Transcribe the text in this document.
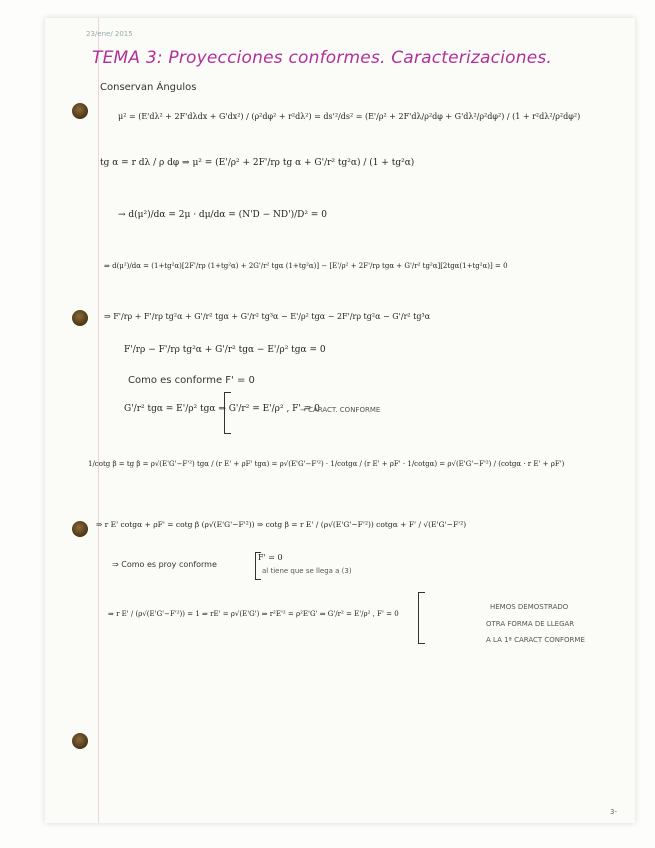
23/ene/ 2015
TEMA 3: Proyecciones conformes. Caracterizaciones.
Conservan Ángulos
μ² = (E'dλ² + 2F'dλdx + G'dx²) / (ρ²dφ² + r²dλ²) = ds'²/ds² = (E'/ρ² + 2F'dλ/ρ²dφ + G'dλ²/ρ²dφ²) / (1 + r²dλ²/ρ²dφ²)
tg α = r dλ / ρ dφ ⇒ μ² = (E'/ρ² + 2F'/rρ tg α + G'/r² tg²α) / (1 + tg²α)
→ d(μ²)/dα = 2μ · dμ/dα = (N'D − ND')/D² = 0
⇒ d(μ²)/dα = (1+tg²α)[2F'/rρ (1+tg²α) + 2G'/r² tgα (1+tg²α)] − [E'/ρ² + 2F'/rρ tgα + G'/r² tg²α][2tgα(1+tg²α)] = 0
⇒ F'/rρ + F'/rρ tg²α + G'/r² tgα + G'/r² tg³α − E'/ρ² tgα − 2F'/rρ tg²α − G'/r² tg³α
F'/rρ − F'/rρ tg²α + G'/r² tgα − E'/ρ² tgα = 0
Como es conforme F' = 0
G'/r² tgα = E'/ρ² tgα ⇒ G'/r² = E'/ρ² , F' = 0
→ CARACT. CONFORME
1/cotg β = tg β = ρ√(E'G'−F'²) tgα / (r E' + ρF' tgα) = ρ√(E'G'−F'²) · 1/cotgα / (r E' + ρF' · 1/cotgα) = ρ√(E'G'−F'²) / (cotgα · r E' + ρF')
⇒ r E' cotgα + ρF' = cotg β (ρ√(E'G'−F'²)) ⇒ cotg β = r E' / (ρ√(E'G'−F'²)) cotgα + F' / √(E'G'−F'²)
⇒ Como es proy conforme
F' = 0
al tiene que se llega a (3)
⇒ r E' / (ρ√(E'G'−F'²)) = 1 ⇒ rE' = ρ√(E'G') ⇒ r²E'² = ρ²E'G' ⇒ G'/r² = E'/ρ² , F' = 0
HEMOS DEMOSTRADO
OTRA FORMA DE LLEGAR
A LA 1ª CARACT CONFORME
3-
